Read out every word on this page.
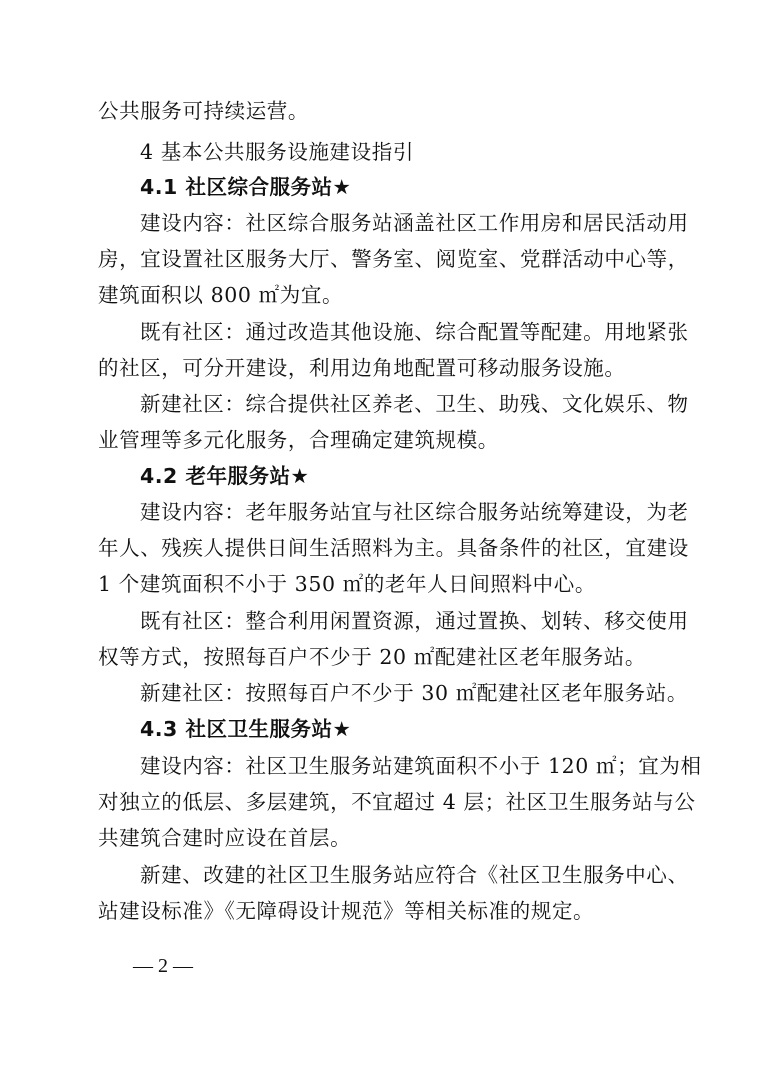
公共服务可持续运营。
4 基本公共服务设施建设指引
4.1 社区综合服务站★
建设内容：社区综合服务站涵盖社区工作用房和居民活动用
房，宜设置社区服务大厅、警务室、阅览室、党群活动中心等，
建筑面积以 800 ㎡为宜。
既有社区：通过改造其他设施、综合配置等配建。用地紧张
的社区，可分开建设，利用边角地配置可移动服务设施。
新建社区：综合提供社区养老、卫生、助残、文化娱乐、物
业管理等多元化服务，合理确定建筑规模。
4.2 老年服务站★
建设内容：老年服务站宜与社区综合服务站统筹建设，为老
年人、残疾人提供日间生活照料为主。具备条件的社区，宜建设
1 个建筑面积不小于 350 ㎡的老年人日间照料中心。
既有社区：整合利用闲置资源，通过置换、划转、移交使用
权等方式，按照每百户不少于 20 ㎡配建社区老年服务站。
新建社区：按照每百户不少于 30 ㎡配建社区老年服务站。
4.3 社区卫生服务站★
建设内容：社区卫生服务站建筑面积不小于 120 ㎡；宜为相
对独立的低层、多层建筑，不宜超过 4 层；社区卫生服务站与公
共建筑合建时应设在首层。
新建、改建的社区卫生服务站应符合《社区卫生服务中心、
站建设标准》《无障碍设计规范》等相关标准的规定。
— 2 —
